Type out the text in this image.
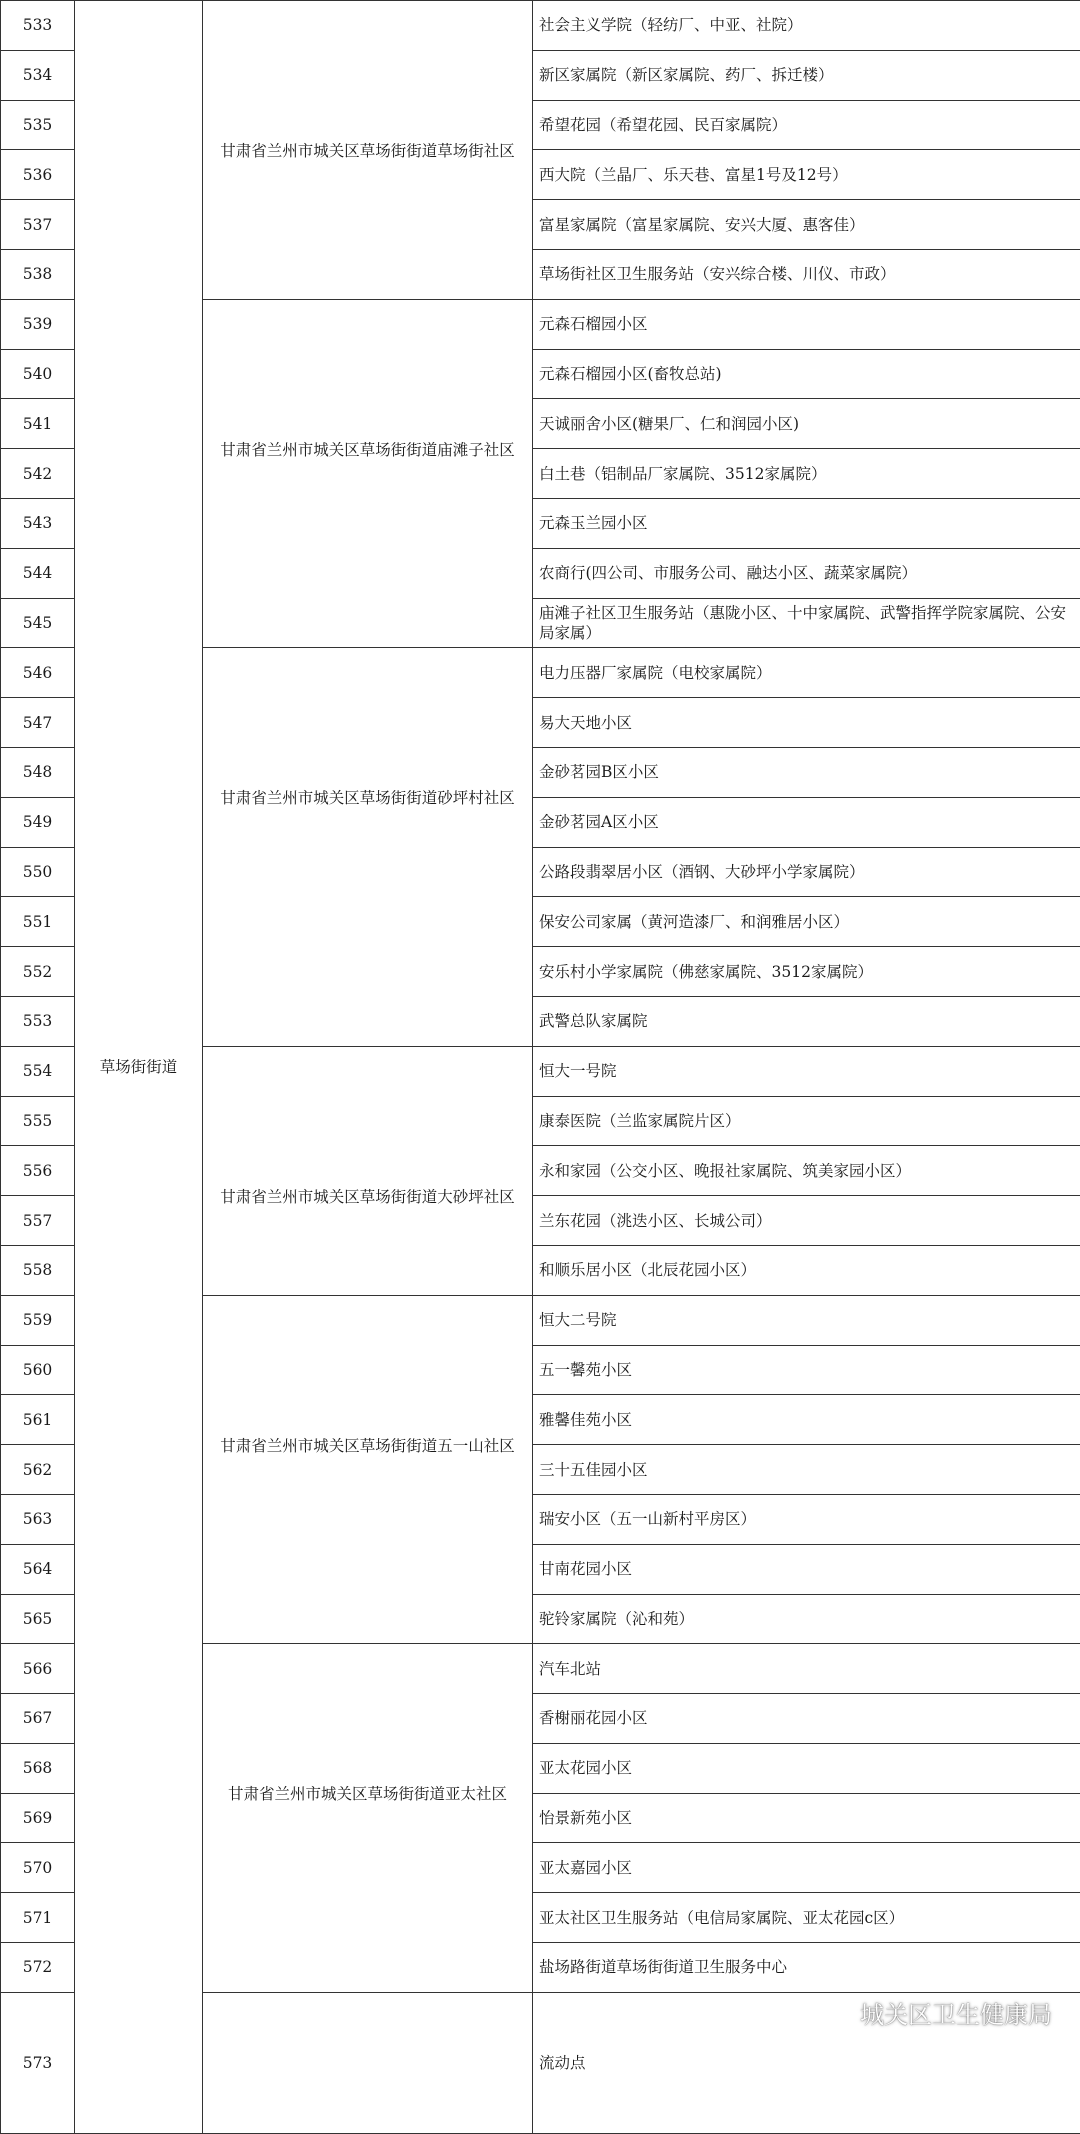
533	草场街街道	甘肃省兰州市城关区草场街街道草场街社区	社会主义学院（轻纺厂、中亚、社院）
534			新区家属院（新区家属院、药厂、拆迁楼）
535			希望花园（希望花园、民百家属院）
536			西大院（兰晶厂、乐天巷、富星1号及12号）
537			富星家属院（富星家属院、安兴大厦、惠客佳）
538			草场街社区卫生服务站（安兴综合楼、川仪、市政）
539		甘肃省兰州市城关区草场街街道庙滩子社区	元森石榴园小区
540			元森石榴园小区(畜牧总站)
541			天诚丽舍小区(糖果厂、仁和润园小区)
542			白土巷（铝制品厂家属院、3512家属院）
543			元森玉兰园小区
544			农商行(四公司、市服务公司、融达小区、蔬菜家属院）
545			庙滩子社区卫生服务站（惠陇小区、十中家属院、武警指挥学院家属院、公安局家属）
546		甘肃省兰州市城关区草场街街道砂坪村社区	电力压器厂家属院（电校家属院）
547			易大天地小区
548			金砂茗园B区小区
549			金砂茗园A区小区
550			公路段翡翠居小区（酒钢、大砂坪小学家属院）
551			保安公司家属（黄河造漆厂、和润雅居小区）
552			安乐村小学家属院（佛慈家属院、3512家属院）
553			武警总队家属院
554		甘肃省兰州市城关区草场街街道大砂坪社区	恒大一号院
555			康泰医院（兰监家属院片区）
556			永和家园（公交小区、晚报社家属院、筑美家园小区）
557			兰东花园（洮迭小区、长城公司）
558			和顺乐居小区（北辰花园小区）
559		甘肃省兰州市城关区草场街街道五一山社区	恒大二号院
560			五一馨苑小区
561			雅馨佳苑小区
562			三十五佳园小区
563			瑞安小区（五一山新村平房区）
564			甘南花园小区
565			驼铃家属院（沁和苑）
566		甘肃省兰州市城关区草场街街道亚太社区	汽车北站
567			香榭丽花园小区
568			亚太花园小区
569			怡景新苑小区
570			亚太嘉园小区
571			亚太社区卫生服务站（电信局家属院、亚太花园c区）
572			盐场路街道草场街街道卫生服务中心
573			流动点
城关区卫生健康局
